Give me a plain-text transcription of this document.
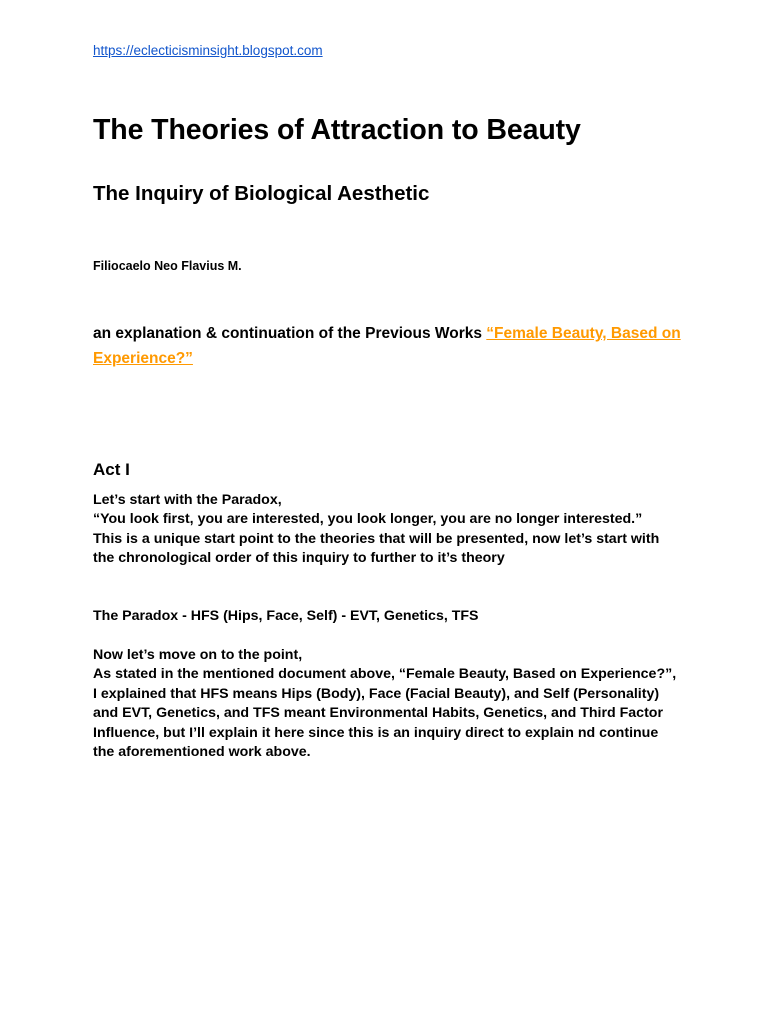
https://eclecticisminsight.blogspot.com
The Theories of Attraction to Beauty
The Inquiry of Biological Aesthetic
Filiocaelo Neo Flavius M.
an explanation & continuation of the Previous Works “Female Beauty, Based on Experience?”
Act I

Let’s start with the Paradox,

“You look first, you are interested, you look longer, you are no longer interested.”

This is a unique start point to the theories that will be presented, now let’s start with the chronological order of this inquiry to further to it’s theory

The Paradox - HFS (Hips, Face, Self) - EVT, Genetics, TFS

Now let’s move on to the point,

As stated in the mentioned document above, “Female Beauty, Based on Experience?”, I explained that HFS means Hips (Body), Face (Facial Beauty), and Self (Personality) and EVT, Genetics, and TFS meant Environmental Habits, Genetics, and Third Factor Influence, but I’ll explain it here since this is an inquiry direct to explain nd continue the aforementioned work above.
